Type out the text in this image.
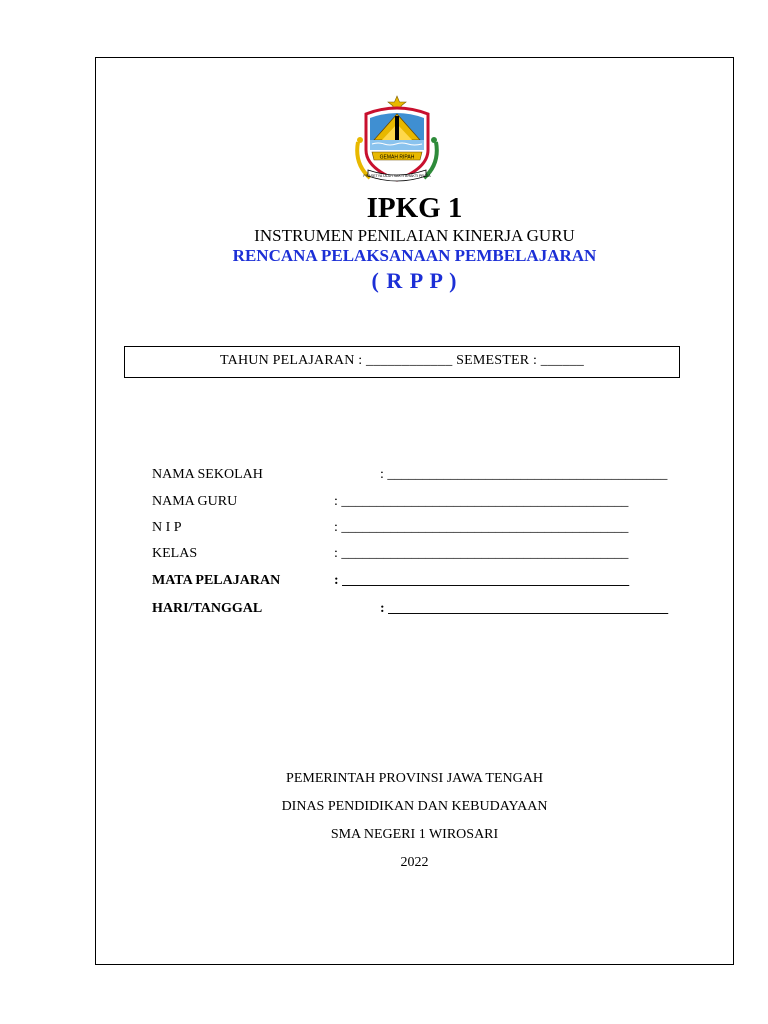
GEMAH RIPAH
PRASETYA ULAH SAKTI BHAKTI PRAJA
IPKG 1
INSTRUMEN PENILAIAN KINERJA GURU
RENCANA PELAKSANAAN PEMBELAJARAN
( R P P )
TAHUN PELAJARAN : ____________ SEMESTER : ______
NAMA SEKOLAH	: ________________________________________
NAMA GURU	: _________________________________________
N I P	: _________________________________________
KELAS	: _________________________________________
MATA PELAJARAN	: _________________________________________
HARI/TANGGAL	: ________________________________________
PEMERINTAH PROVINSI JAWA TENGAH
DINAS PENDIDIKAN DAN KEBUDAYAAN
SMA NEGERI 1 WIROSARI
2022
